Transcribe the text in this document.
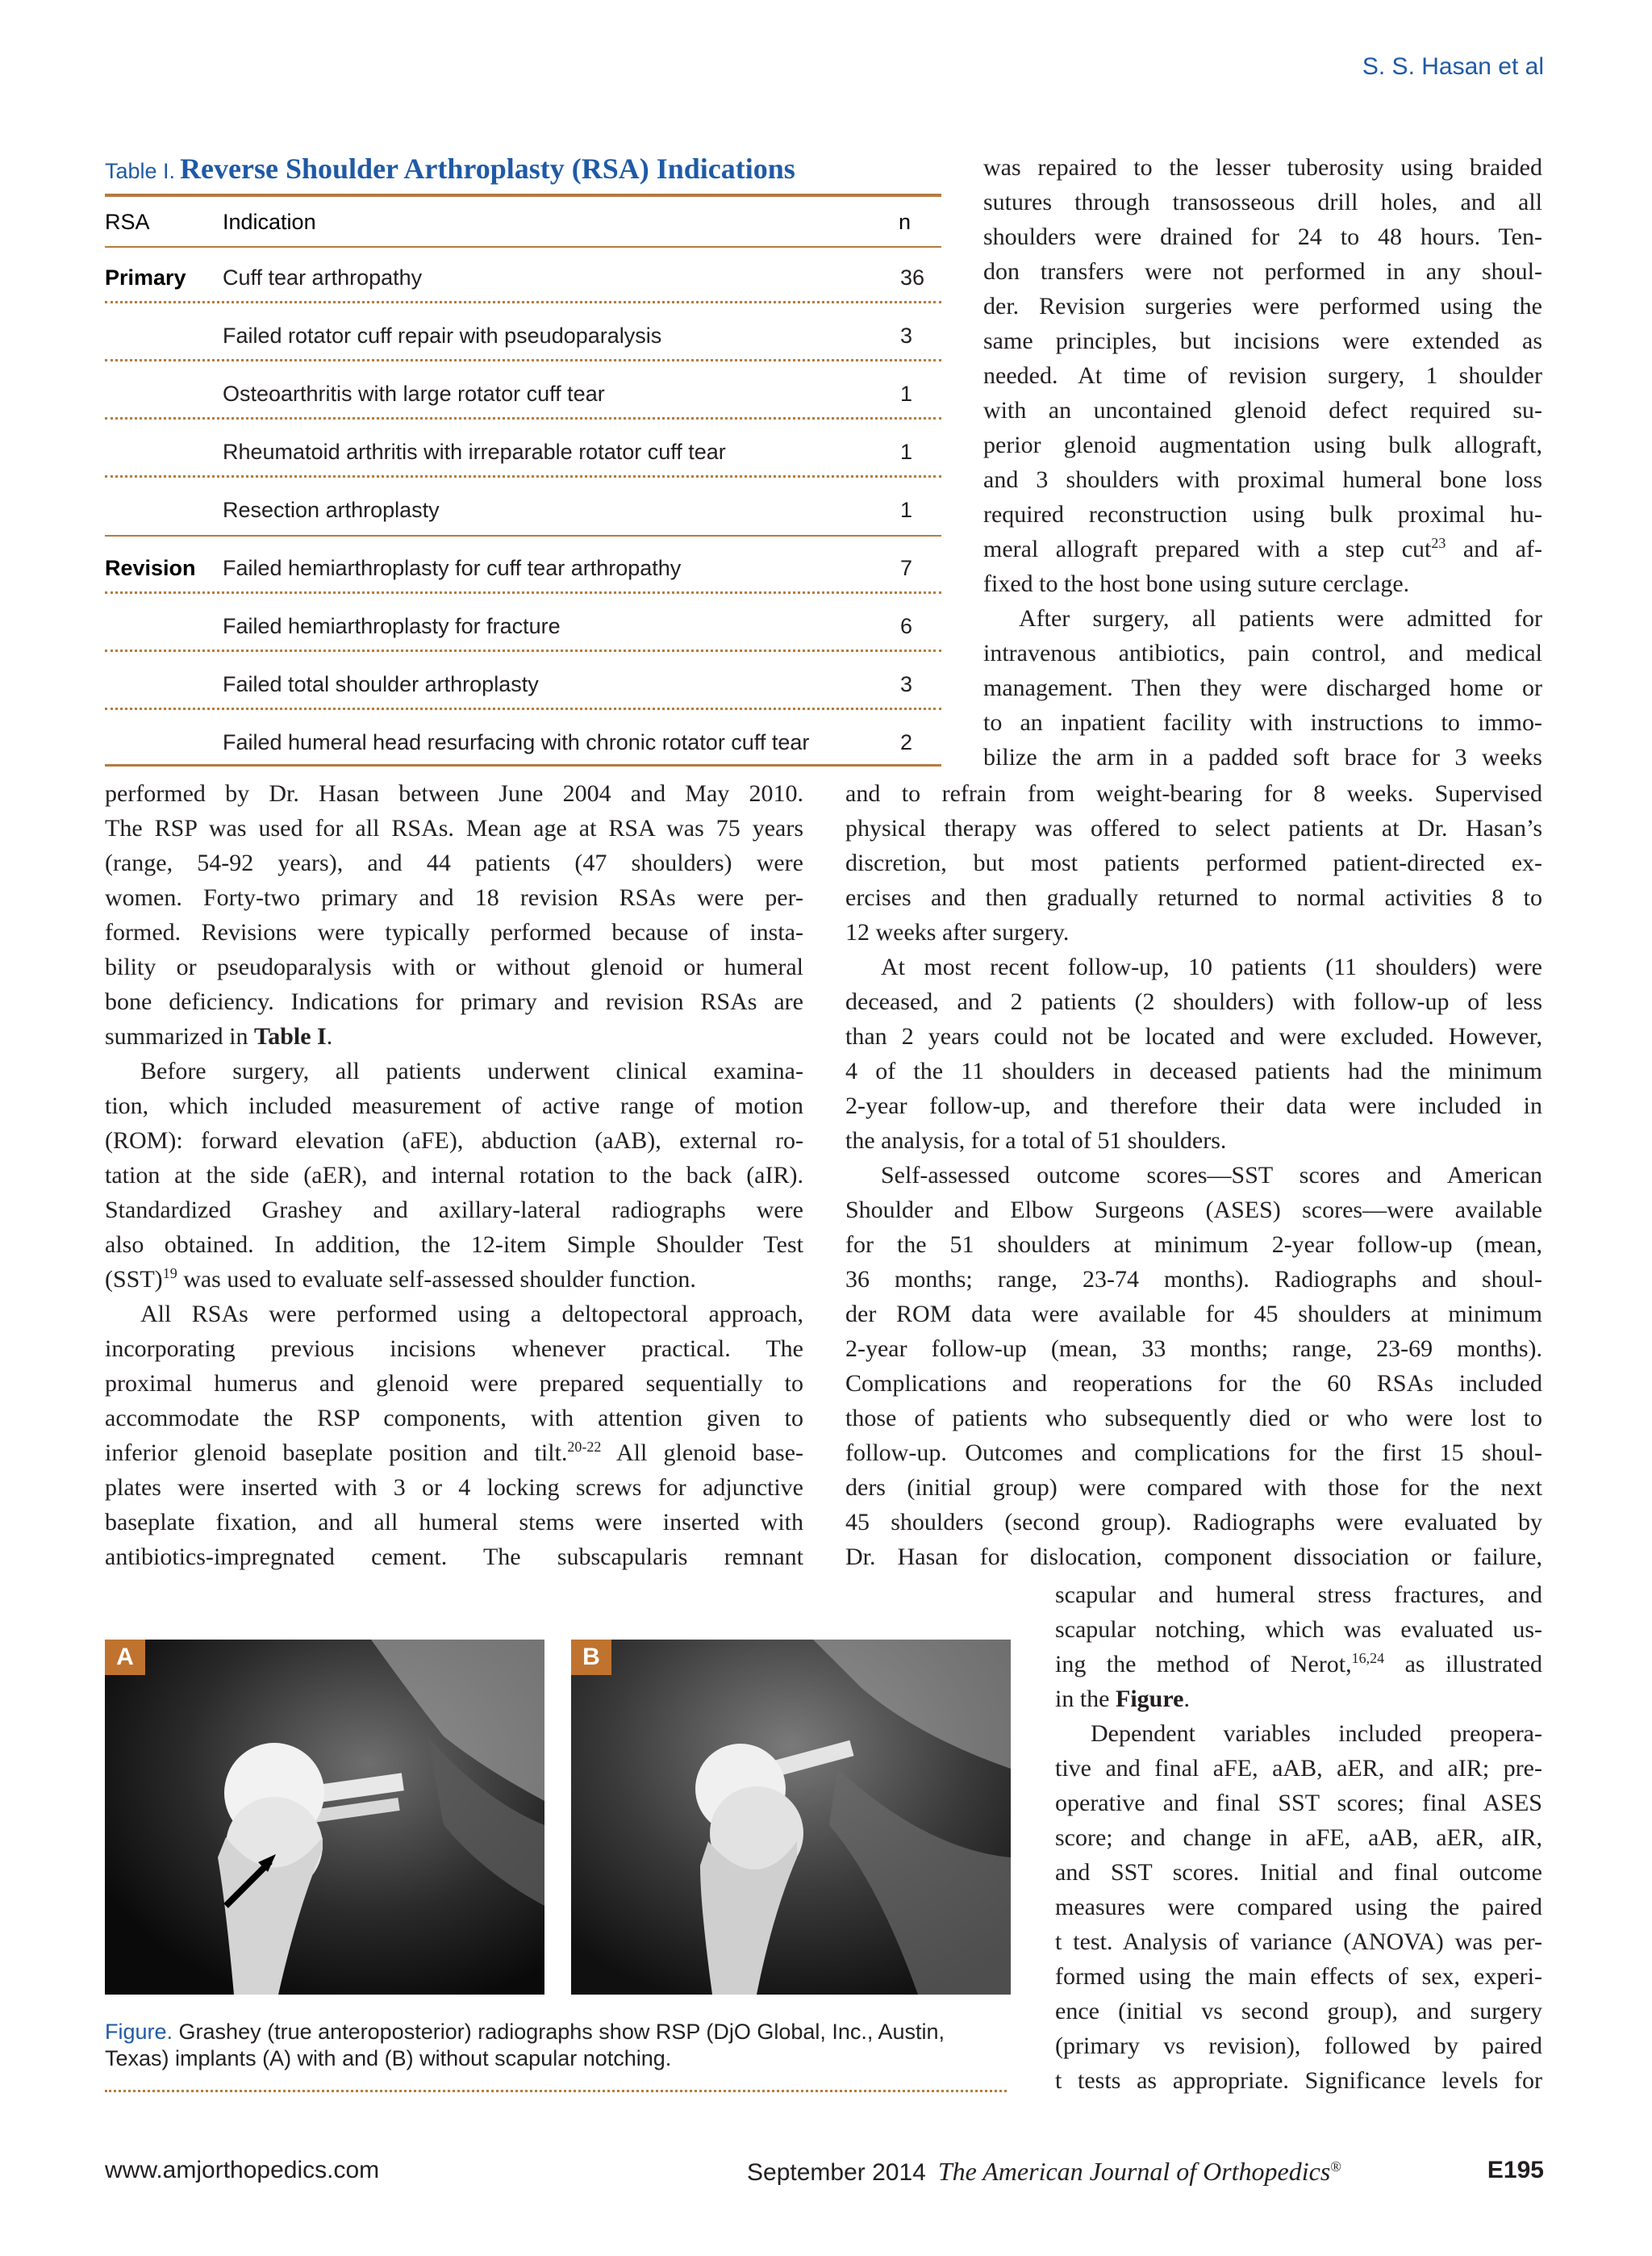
S. S. Hasan et al
Table I. Reverse Shoulder Arthroplasty (RSA) Indications
RSA	Indication	n
Primary Cuff tear arthropathy	36
Failed rotator cuff repair with pseudoparalysis	3
Osteoarthritis with large rotator cuff tear	1
Rheumatoid arthritis with irreparable rotator cuff tear	1
Resection arthroplasty	1
Revision Failed hemiarthroplasty for cuff tear arthropathy	7
Failed hemiarthroplasty for fracture	6
Failed total shoulder arthroplasty	3
Failed humeral head resurfacing with chronic rotator cuff tear	2

was repaired to the lesser tuberosity using braided

sutures through transosseous drill holes, and all

shoulders were drained for 24 to 48 hours. Ten-

don transfers were not performed in any shoul-

der. Revision surgeries were performed using the

same principles, but incisions were extended as

needed. At time of revision surgery, 1 shoulder

with an uncontained glenoid defect required su-

perior glenoid augmentation using bulk allograft,

and 3 shoulders with proximal humeral bone loss

required reconstruction using bulk proximal hu-

meral allograft prepared with a step cut$^{23}$ and af-

fixed to the host bone using suture cerclage.

After surgery, all patients were admitted for

intravenous antibiotics, pain control, and medical

management. Then they were discharged home or

to an inpatient facility with instructions to immo-

bilize the arm in a padded soft brace for 3 weeks

performed by Dr. Hasan between June 2004 and May 2010.

The RSP was used for all RSAs. Mean age at RSA was 75 years

(range, 54-92 years), and 44 patients (47 shoulders) were

women. Forty-two primary and 18 revision RSAs were per-

formed. Revisions were typically performed because of insta-

bility or pseudoparalysis with or without glenoid or humeral

bone deficiency. Indications for primary and revision RSAs are

summarized in Table I.

Before surgery, all patients underwent clinical examina-

tion, which included measurement of active range of motion

(ROM): forward elevation (aFE), abduction (aAB), external ro-

tation at the side (aER), and internal rotation to the back (aIR).

Standardized Grashey and axillary-lateral radiographs were

also obtained. In addition, the 12-item Simple Shoulder Test

(SST)$^{19}$ was used to evaluate self-assessed shoulder function.

All RSAs were performed using a deltopectoral approach,

incorporating previous incisions whenever practical. The

proximal humerus and glenoid were prepared sequentially to

accommodate the RSP components, with attention given to

inferior glenoid baseplate position and tilt.$^{20-22}$ All glenoid base-

plates were inserted with 3 or 4 locking screws for adjunctive

baseplate fixation, and all humeral stems were inserted with

antibiotics-impregnated cement. The subscapularis remnant

and to refrain from weight-bearing for 8 weeks. Supervised

physical therapy was offered to select patients at Dr. Hasan’s

discretion, but most patients performed patient-directed ex-

ercises and then gradually returned to normal activities 8 to

12 weeks after surgery.

At most recent follow-up, 10 patients (11 shoulders) were

deceased, and 2 patients (2 shoulders) with follow-up of less

than 2 years could not be located and were excluded. However,

4 of the 11 shoulders in deceased patients had the minimum

2-year follow-up, and therefore their data were included in

the analysis, for a total of 51 shoulders.

Self-assessed outcome scores—SST scores and American

Shoulder and Elbow Surgeons (ASES) scores—were available

for the 51 shoulders at minimum 2-year follow-up (mean,

36 months; range, 23-74 months). Radiographs and shoul-

der ROM data were available for 45 shoulders at minimum

2-year follow-up (mean, 33 months; range, 23-69 months).

Complications and reoperations for the 60 RSAs included

those of patients who subsequently died or who were lost to

follow-up. Outcomes and complications for the first 15 shoul-

ders (initial group) were compared with those for the next

45 shoulders (second group). Radiographs were evaluated by

Dr. Hasan for dislocation, component dissociation or failure,

scapular and humeral stress fractures, and

scapular notching, which was evaluated us-

ing the method of Nerot,$^{16,24}$ as illustrated

in the Figure.

Dependent variables included preopera-

tive and final aFE, aAB, aER, and aIR; pre-

operative and final SST scores; final ASES

score; and change in aFE, aAB, aER, aIR,

and SST scores. Initial and final outcome

measures were compared using the paired

t test. Analysis of variance (ANOVA) was per-

formed using the main effects of sex, experi-

ence (initial vs second group), and surgery

(primary vs revision), followed by paired

t tests as appropriate. Significance levels for

A	B
Figure. Grashey (true anteroposterior) radiographs show RSP (DjO Global, Inc., Austin, Texas) implants (A) with and (B) without scapular notching.
www.amjorthopedics.com	September 2014 The American Journal of Orthopedics®	E195
